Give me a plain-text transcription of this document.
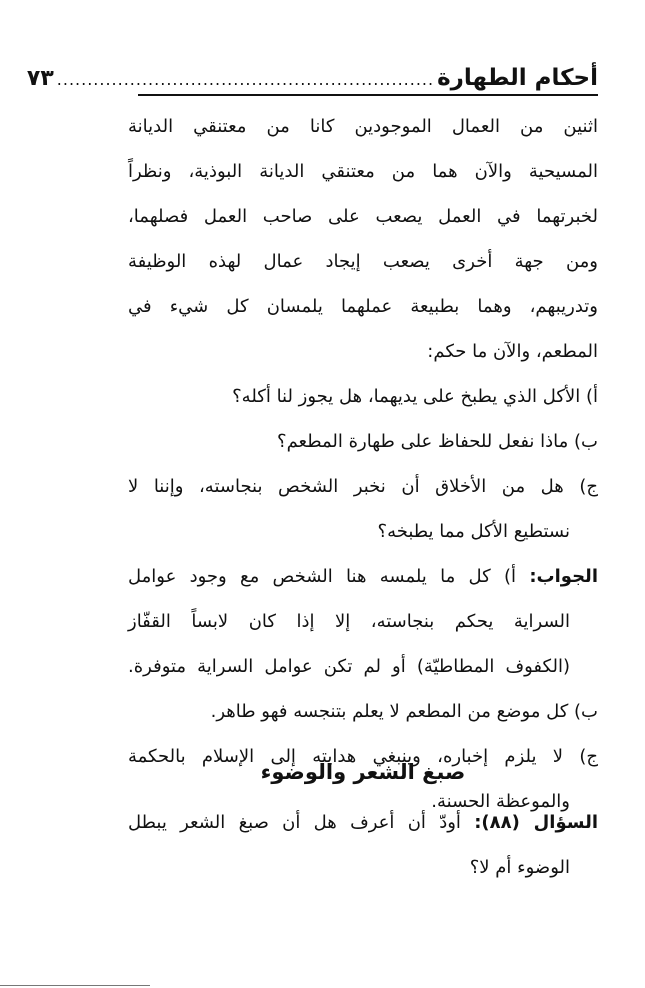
أحكام الطهارة
..............................................................
٧٣
اثنين من العمال الموجودين كانا من معتنقي الديانة
المسيحية والآن هما من معتنقي الديانة البوذية، ونظراً
لخبرتهما في العمل يصعب على صاحب العمل فصلهما،
ومن جهة أخرى يصعب إيجاد عمال لهذه الوظيفة
وتدريبهم، وهما بطبيعة عملهما يلمسان كل شيء في
المطعم، والآن ما حكم:
أ) الأكل الذي يطبخ على يديهما، هل يجوز لنا أكله؟
ب) ماذا نفعل للحفاظ على طهارة المطعم؟
ج) هل من الأخلاق أن نخبر الشخص بنجاسته، وإننا لا
نستطيع الأكل مما يطبخه؟
الجواب: أ) كل ما يلمسه هنا الشخص مع وجود عوامل
السراية يحكم بنجاسته، إلا إذا كان لابساً القفّاز
(الكفوف المطاطيّة) أو لم تكن عوامل السراية متوفرة.
ب) كل موضع من المطعم لا يعلم بتنجسه فهو طاهر.
ج) لا يلزم إخباره، وينبغي هدايته إلى الإسلام بالحكمة
والموعظة الحسنة.
صبغ الشعر والوضوء
السؤال (٨٨): أودّ أن أعرف هل أن صبغ الشعر يبطل
الوضوء أم لا؟
